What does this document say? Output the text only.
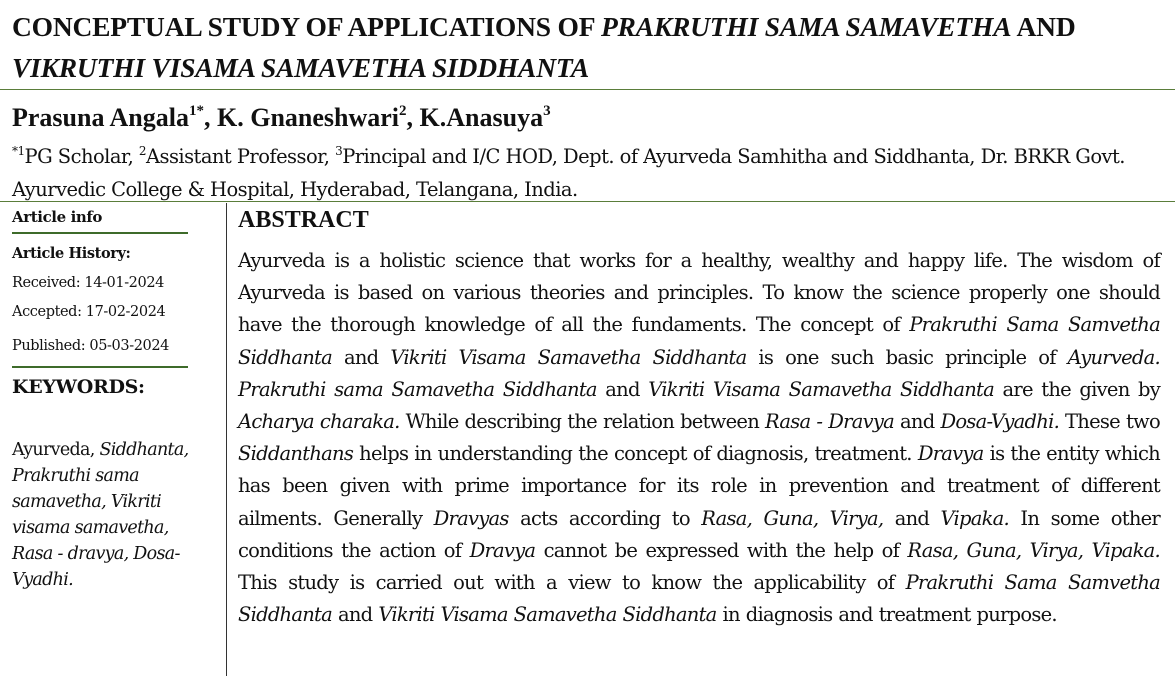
CONCEPTUAL STUDY OF APPLICATIONS OF PRAKRUTHI SAMA SAMAVETHA AND VIKRUTHI VISAMA SAMAVETHA SIDDHANTA
Prasuna Angala$^{1*}$, K. Gnaneshwari$^2$, K.Anasuya$^3$
$^{*1}$PG Scholar, $^2$Assistant Professor, $^3$Principal and I/C HOD, Dept. of Ayurveda Samhitha and Siddhanta, Dr. BRKR Govt. Ayurvedic College & Hospital, Hyderabad, Telangana, India.
Article info
Article History:
Received: 14-01-2024
Accepted: 17-02-2024
Published: 05-03-2024
KEYWORDS:
Ayurveda, Siddhanta, Prakruthi sama samavetha, Vikriti visama samavetha, Rasa - dravya, Dosa-Vyadhi.
ABSTRACT
Ayurveda is a holistic science that works for a healthy, wealthy and happy life. The wisdom of Ayurveda is based on various theories and principles. To know the science properly one should have the thorough knowledge of all the fundaments. The concept of Prakruthi Sama Samvetha Siddhanta and Vikriti Visama Samavetha Siddhanta is one such basic principle of Ayurveda. Prakruthi sama Samavetha Siddhanta and Vikriti Visama Samavetha Siddhanta are the given by Acharya charaka. While describing the relation between Rasa - Dravya and Dosa-Vyadhi. These two Siddanthans helps in understanding the concept of diagnosis, treatment. Dravya is the entity which has been given with prime importance for its role in prevention and treatment of different ailments. Generally Dravyas acts according to Rasa, Guna, Virya, and Vipaka. In some other conditions the action of Dravya cannot be expressed with the help of Rasa, Guna, Virya, Vipaka. This study is carried out with a view to know the applicability of Prakruthi Sama Samvetha Siddhanta and Vikriti Visama Samavetha Siddhanta in diagnosis and treatment purpose.
